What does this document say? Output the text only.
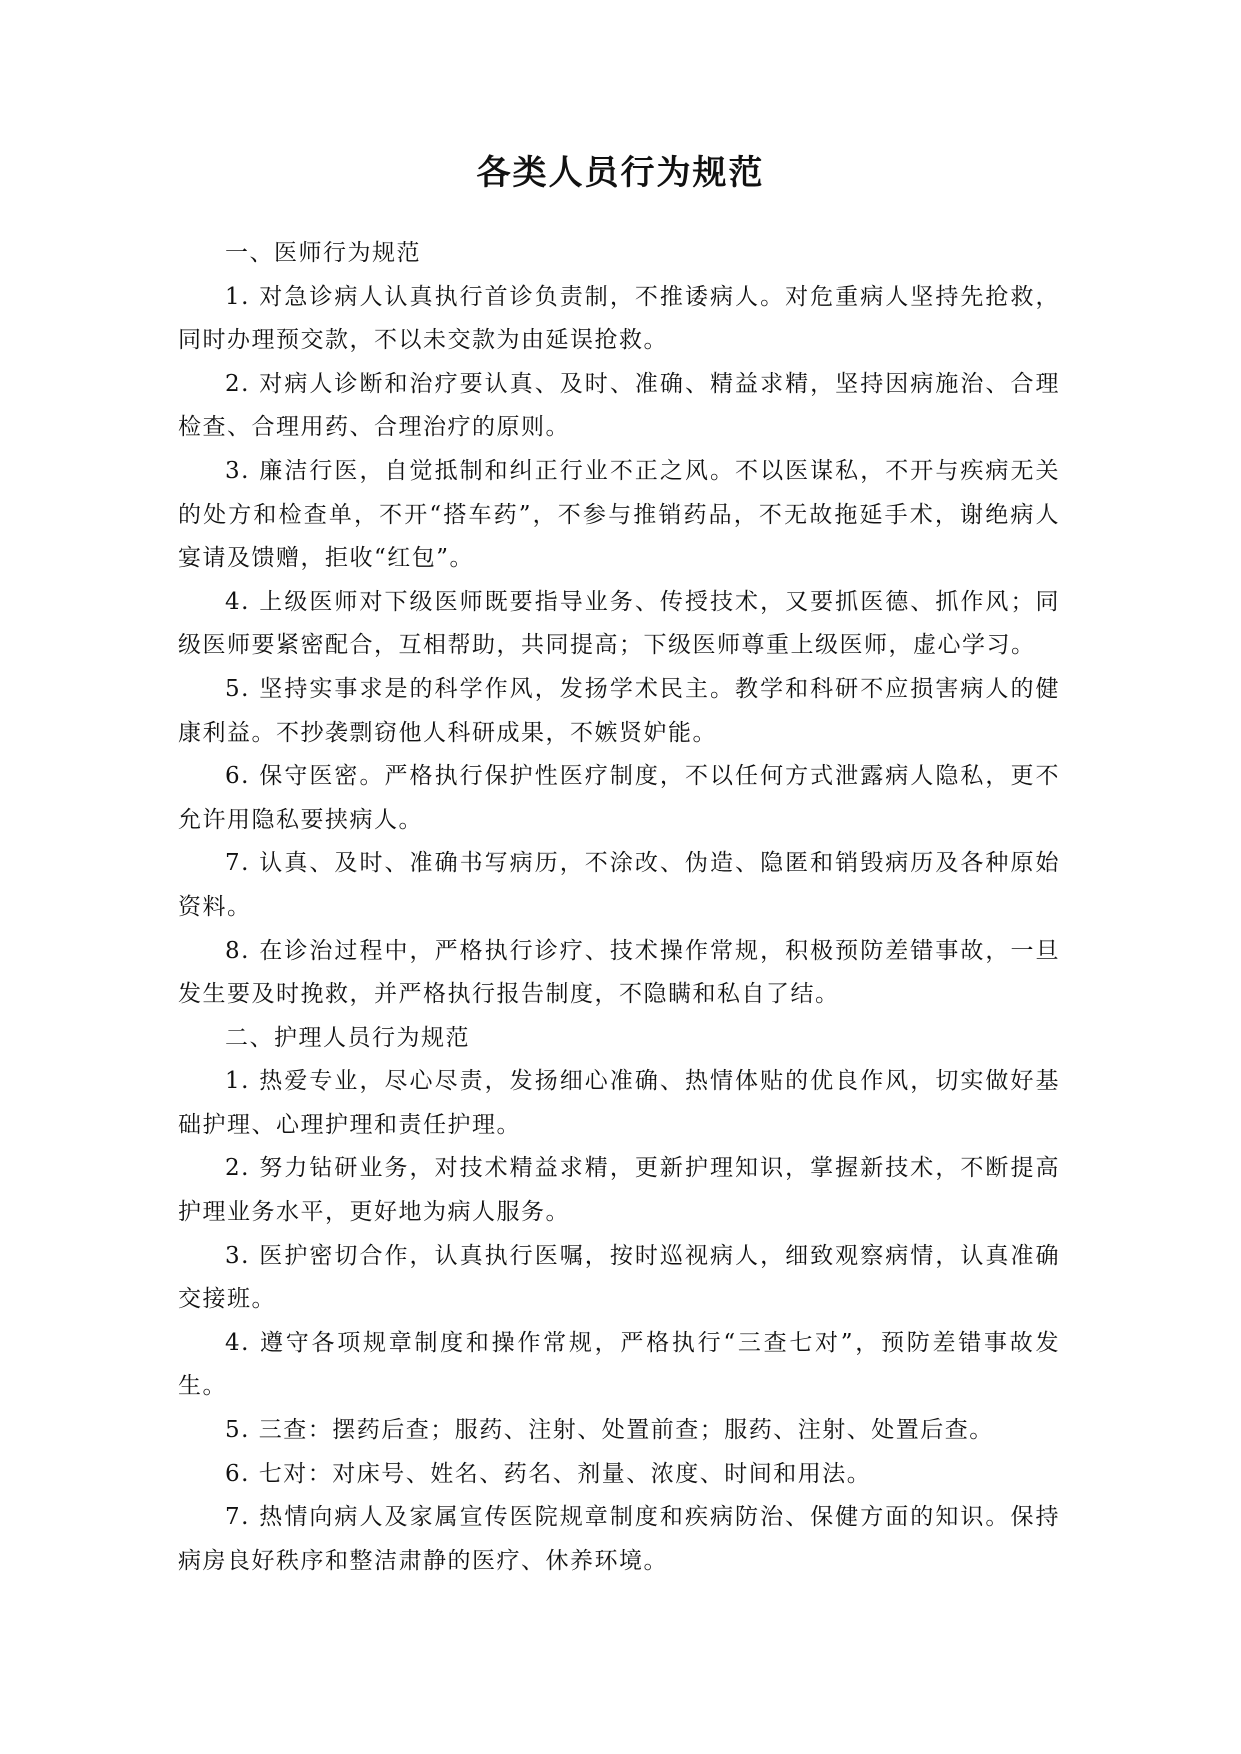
各类人员行为规范

一、医师行为规范

1. 对急诊病人认真执行首诊负责制，不推诿病人。对危重病人坚持先抢救，同时办理预交款，不以未交款为由延误抢救。

2. 对病人诊断和治疗要认真、及时、准确、精益求精，坚持因病施治、合理检查、合理用药、合理治疗的原则。

3. 廉洁行医，自觉抵制和纠正行业不正之风。不以医谋私，不开与疾病无关的处方和检查单，不开“搭车药”，不参与推销药品，不无故拖延手术，谢绝病人宴请及馈赠，拒收“红包”。

4. 上级医师对下级医师既要指导业务、传授技术，又要抓医德、抓作风；同级医师要紧密配合，互相帮助，共同提高；下级医师尊重上级医师，虚心学习。

5. 坚持实事求是的科学作风，发扬学术民主。教学和科研不应损害病人的健康利益。不抄袭剽窃他人科研成果，不嫉贤妒能。

6. 保守医密。严格执行保护性医疗制度，不以任何方式泄露病人隐私，更不允许用隐私要挟病人。

7. 认真、及时、准确书写病历，不涂改、伪造、隐匿和销毁病历及各种原始资料。

8. 在诊治过程中，严格执行诊疗、技术操作常规，积极预防差错事故，一旦发生要及时挽救，并严格执行报告制度，不隐瞒和私自了结。

二、护理人员行为规范

1. 热爱专业，尽心尽责，发扬细心准确、热情体贴的优良作风，切实做好基础护理、心理护理和责任护理。

2. 努力钻研业务，对技术精益求精，更新护理知识，掌握新技术，不断提高护理业务水平，更好地为病人服务。

3. 医护密切合作，认真执行医嘱，按时巡视病人，细致观察病情，认真准确交接班。

4. 遵守各项规章制度和操作常规，严格执行“三查七对”，预防差错事故发生。

5. 三查：摆药后查；服药、注射、处置前查；服药、注射、处置后查。

6. 七对：对床号、姓名、药名、剂量、浓度、时间和用法。

7. 热情向病人及家属宣传医院规章制度和疾病防治、保健方面的知识。保持病房良好秩序和整洁肃静的医疗、休养环境。
